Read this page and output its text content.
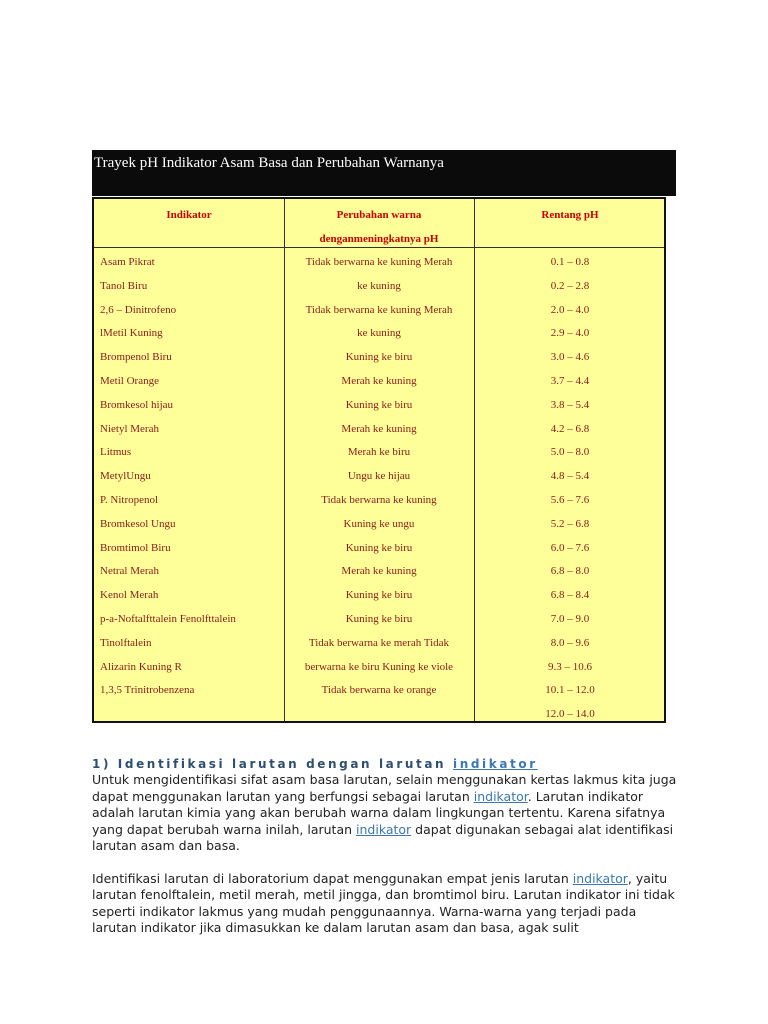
Trayek pH Indikator Asam Basa dan Perubahan Warnanya
Indikator	Perubahan warna
denganmeningkatnya pH
Rentang pH
Asam Pikrat
Tanol Biru
2,6 – Dinitrofeno
lMetil Kuning
Brompenol Biru
Metil Orange
Bromkesol hijau
Nietyl Merah
Litmus
MetylUngu
P. Nitropenol
Bromkesol Ungu
Bromtimol Biru
Netral Merah
Kenol Merah
p-a-Noftalfttalein Fenolfttalein
Tinolftalein
Alizarin Kuning R
1,3,5 Trinitrobenzena
Tidak berwarna ke kuning Merah
ke kuning
Tidak berwarna ke kuning Merah
ke kuning
Kuning ke biru
Merah ke kuning
Kuning ke biru
Merah ke kuning
Merah ke biru
Ungu ke hijau
Tidak berwarna ke kuning
Kuning ke ungu
Kuning ke biru
Merah ke kuning
Kuning ke biru
Kuning ke biru
Tidak berwarna ke merah Tidak
berwarna ke biru Kuning ke viole
Tidak berwarna ke orange
0.1 – 0.8
0.2 – 2.8
2.0 – 4.0
2.9 – 4.0
3.0 – 4.6
3.7 – 4.4
3.8 – 5.4
4.2 – 6.8
5.0 – 8.0
4.8 – 5.4
5.6 – 7.6
5.2 – 6.8
6.0 – 7.6
6.8 – 8.0
6.8 – 8.4
7.0 – 9.0
8.0 – 9.6
9.3 – 10.6
10.1 – 12.0
12.0 – 14.0

1) Identifikasi larutan dengan larutan indikator

Untuk mengidentifikasi sifat asam basa larutan, selain menggunakan kertas lakmus kita juga dapat menggunakan larutan yang berfungsi sebagai larutan indikator. Larutan indikator adalah larutan kimia yang akan berubah warna dalam lingkungan tertentu. Karena sifatnya yang dapat berubah warna inilah, larutan indikator dapat digunakan sebagai alat identifikasi larutan asam dan basa.

Identifikasi larutan di laboratorium dapat menggunakan empat jenis larutan indikator, yaitu larutan fenolftalein, metil merah, metil jingga, dan bromtimol biru. Larutan indikator ini tidak seperti indikator lakmus yang mudah penggunaannya. Warna-warna yang terjadi pada larutan indikator jika dimasukkan ke dalam larutan asam dan basa, agak sulit
